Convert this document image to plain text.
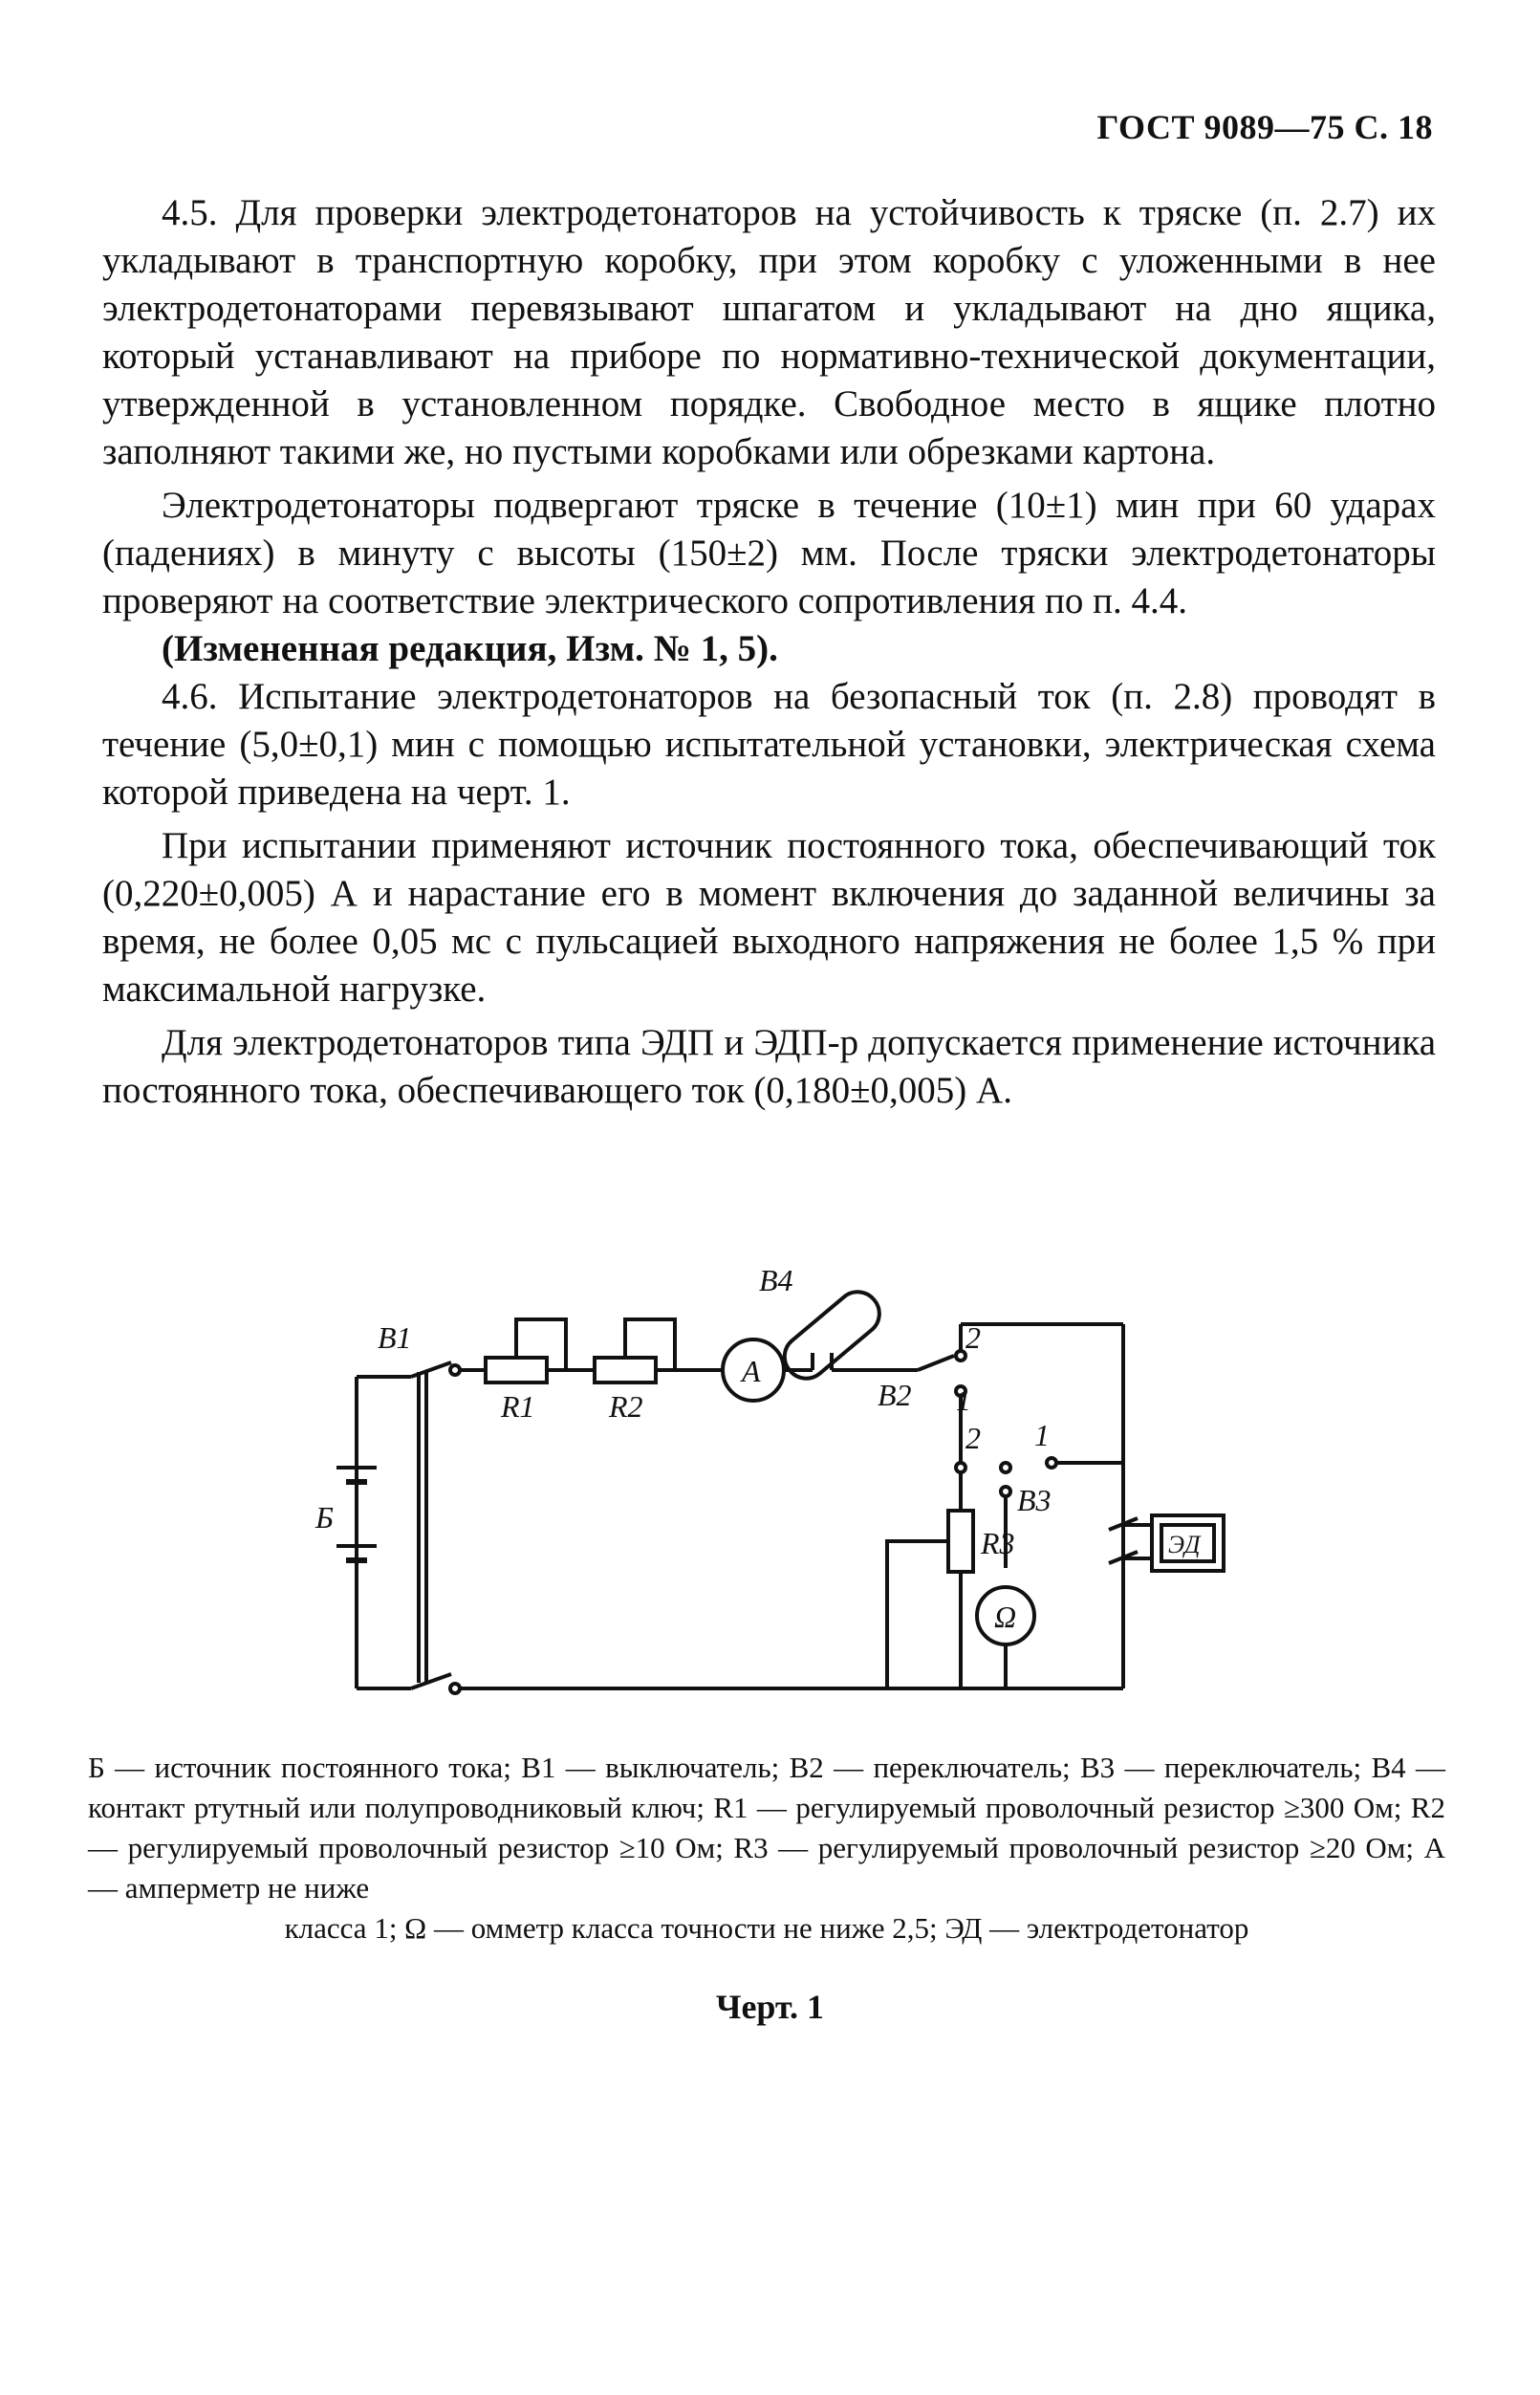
ГОСТ 9089—75 С. 18

4.5. Для проверки электродетонаторов на устойчивость к тряске (п. 2.7) их укладывают в транспортную коробку, при этом коробку с уложенными в нее электродетонаторами перевязывают шпагатом и укладывают на дно ящика, который устанавливают на приборе по нормативно-технической документации, утвержденной в установленном порядке. Свободное место в ящике плотно заполняют такими же, но пустыми коробками или обрезками картона.

Электродетонаторы подвергают тряске в течение (10±1) мин при 60 ударах (падениях) в минуту с высоты (150±2) мм. После тряски электродетонаторы проверяют на соответствие электрического сопротивления по п. 4.4.

(Измененная редакция, Изм. № 1, 5).

4.6. Испытание электродетонаторов на безопасный ток (п. 2.8) проводят в течение (5,0±0,1) мин с помощью испытательной установки, электрическая схема которой приведена на черт. 1.

При испытании применяют источник постоянного тока, обеспечивающий ток (0,220±0,005) А и нарастание его в момент включения до заданной величины за время, не более 0,05 мс с пульсацией выходного напряжения не более 1,5 % при максимальной нагрузке.

Для электродетонаторов типа ЭДП и ЭДП-р допускается применение источника постоянного тока, обеспечивающего ток (0,180±0,005) А.

В4
В1
R1 R2
A
В2
В3
R3
Б
Ω
ЭД
2
1
2 1
Б — источник постоянного тока; В1 — выключатель; В2 — переключатель; В3 — переключатель; В4 — контакт ртутный или полупроводниковый ключ; R1 — регулируемый проволочный резистор ≥300 Ом; R2 — регулируемый проволочный резистор ≥10 Ом; R3 — регулируемый проволочный резистор ≥20 Ом; А — амперметр не ниже
класса 1; Ω — омметр класса точности не ниже 2,5; ЭД — электродетонатор
Черт. 1
